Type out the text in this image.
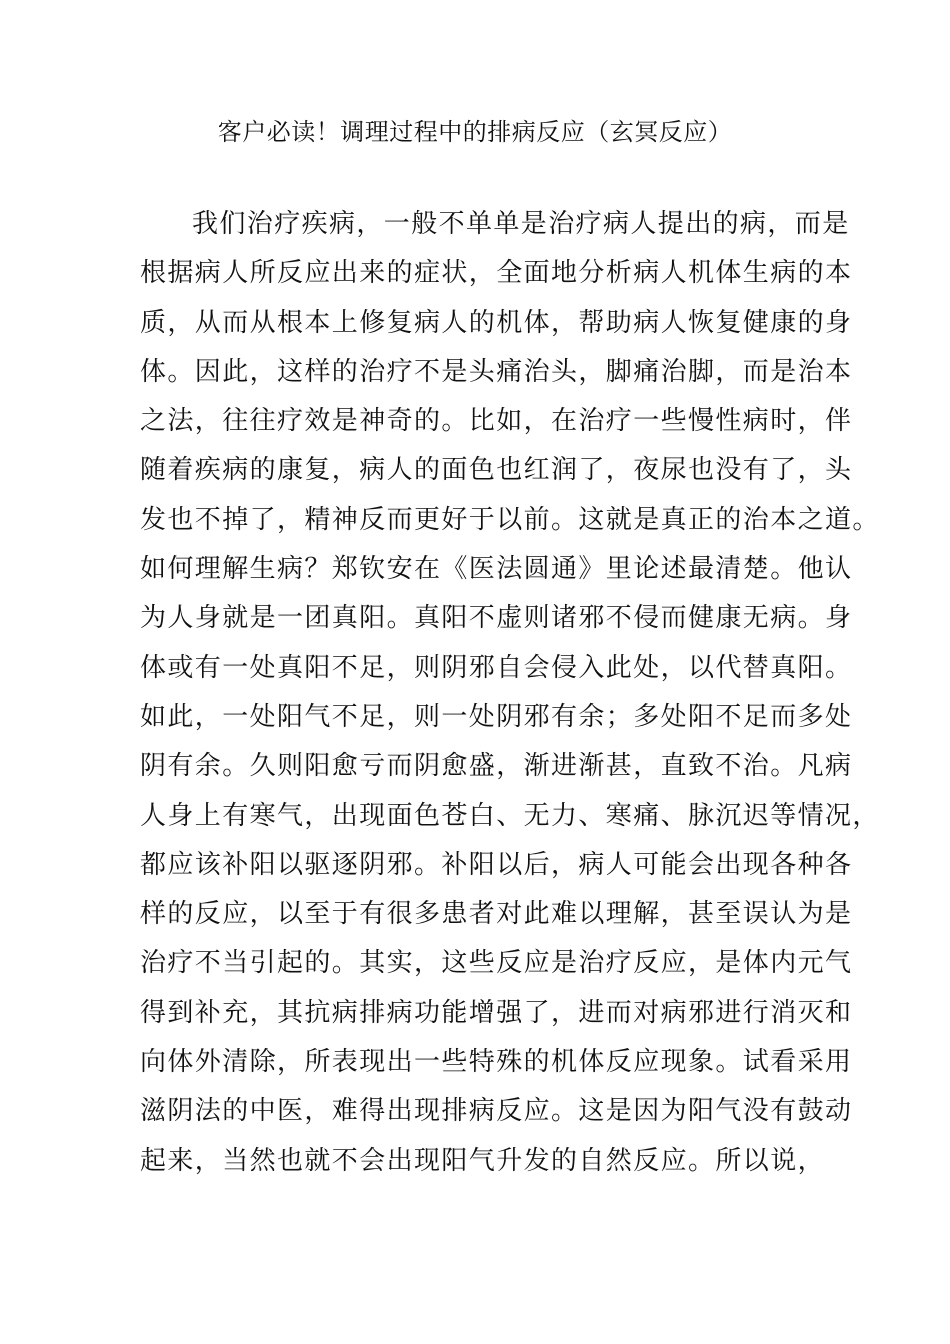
客户必读！调理过程中的排病反应（玄冥反应）
我们治疗疾病，一般不单单是治疗病人提出的病，而是
根据病人所反应出来的症状，全面地分析病人机体生病的本
质，从而从根本上修复病人的机体，帮助病人恢复健康的身
体。因此，这样的治疗不是头痛治头，脚痛治脚，而是治本
之法，往往疗效是神奇的。比如，在治疗一些慢性病时，伴
随着疾病的康复，病人的面色也红润了，夜尿也没有了，头
发也不掉了，精神反而更好于以前。这就是真正的治本之道。
如何理解生病？郑钦安在《医法圆通》里论述最清楚。他认
为人身就是一团真阳。真阳不虚则诸邪不侵而健康无病。身
体或有一处真阳不足，则阴邪自会侵入此处，以代替真阳。
如此，一处阳气不足，则一处阴邪有余；多处阳不足而多处
阴有余。久则阳愈亏而阴愈盛，渐进渐甚，直致不治。凡病
人身上有寒气，出现面色苍白、无力、寒痛、脉沉迟等情况，
都应该补阳以驱逐阴邪。补阳以后，病人可能会出现各种各
样的反应，以至于有很多患者对此难以理解，甚至误认为是
治疗不当引起的。其实，这些反应是治疗反应，是体内元气
得到补充，其抗病排病功能增强了，进而对病邪进行消灭和
向体外清除，所表现出一些特殊的机体反应现象。试看采用
滋阴法的中医，难得出现排病反应。这是因为阳气没有鼓动
起来，当然也就不会出现阳气升发的自然反应。所以说，
